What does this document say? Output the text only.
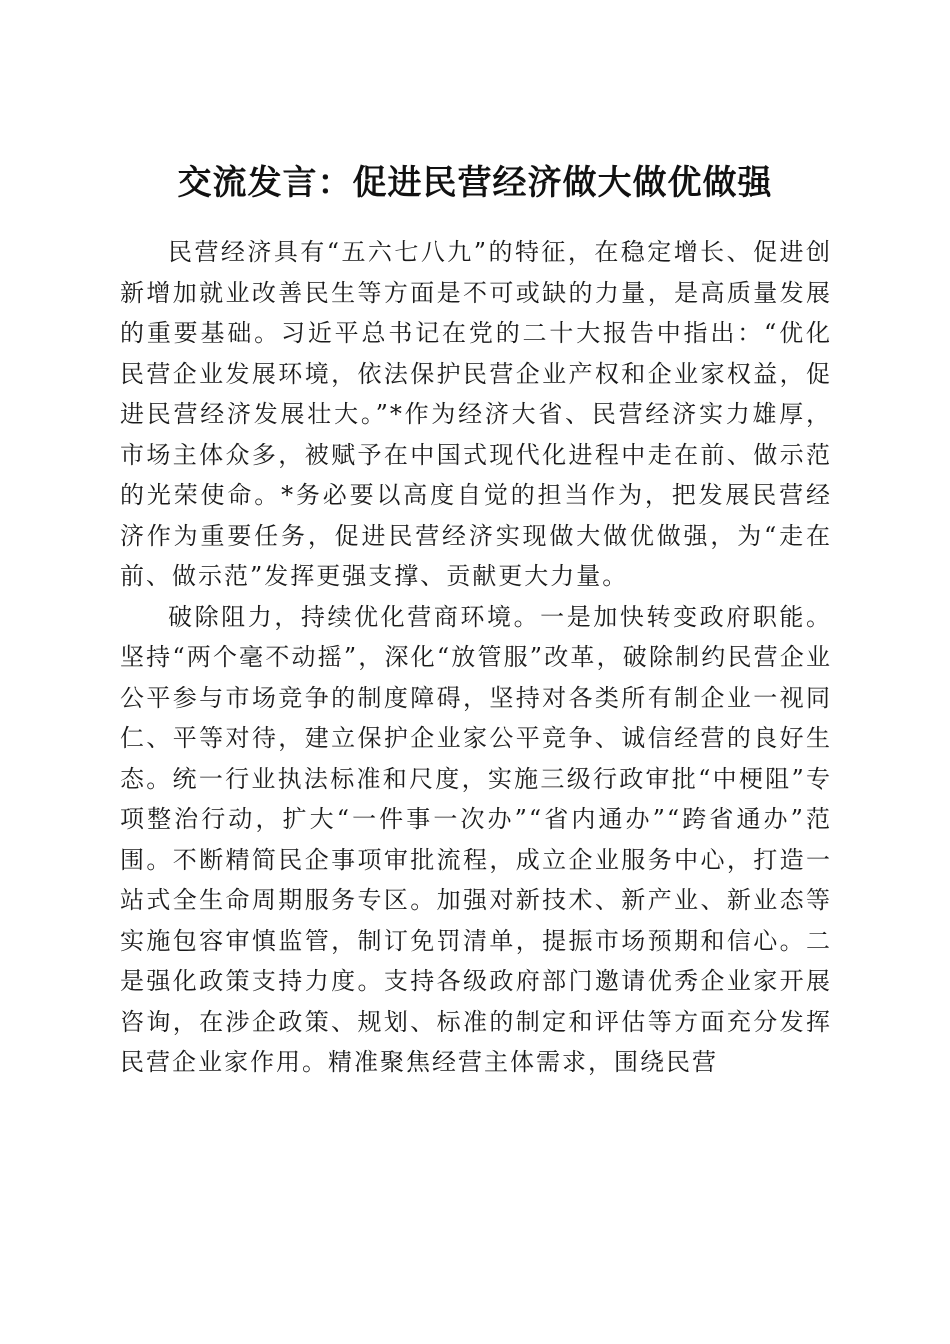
交流发言：促进民营经济做大做优做强

民营经济具有“五六七八九”的特征，在稳定增长、促进创新增加就业改善民生等方面是不可或缺的力量，是高质量发展的重要基础。习近平总书记在党的二十大报告中指出：“优化民营企业发展环境，依法保护民营企业产权和企业家权益，促进民营经济发展壮大。”*作为经济大省、民营经济实力雄厚，市场主体众多，被赋予在中国式现代化进程中走在前、做示范的光荣使命。*务必要以高度自觉的担当作为，把发展民营经济作为重要任务，促进民营经济实现做大做优做强，为“走在前、做示范”发挥更强支撑、贡献更大力量。

破除阻力，持续优化营商环境。一是加快转变政府职能。坚持“两个毫不动摇”，深化“放管服”改革，破除制约民营企业公平参与市场竞争的制度障碍，坚持对各类所有制企业一视同仁、平等对待，建立保护企业家公平竞争、诚信经营的良好生态。统一行业执法标准和尺度，实施三级行政审批“中梗阻”专项整治行动，扩大“一件事一次办”“省内通办”“跨省通办”范围。不断精简民企事项审批流程，成立企业服务中心，打造一站式全生命周期服务专区。加强对新技术、新产业、新业态等实施包容审慎监管，制订免罚清单，提振市场预期和信心。二是强化政策支持力度。支持各级政府部门邀请优秀企业家开展咨询，在涉企政策、规划、标准的制定和评估等方面充分发挥民营企业家作用。精准聚焦经营主体需求，围绕民营
